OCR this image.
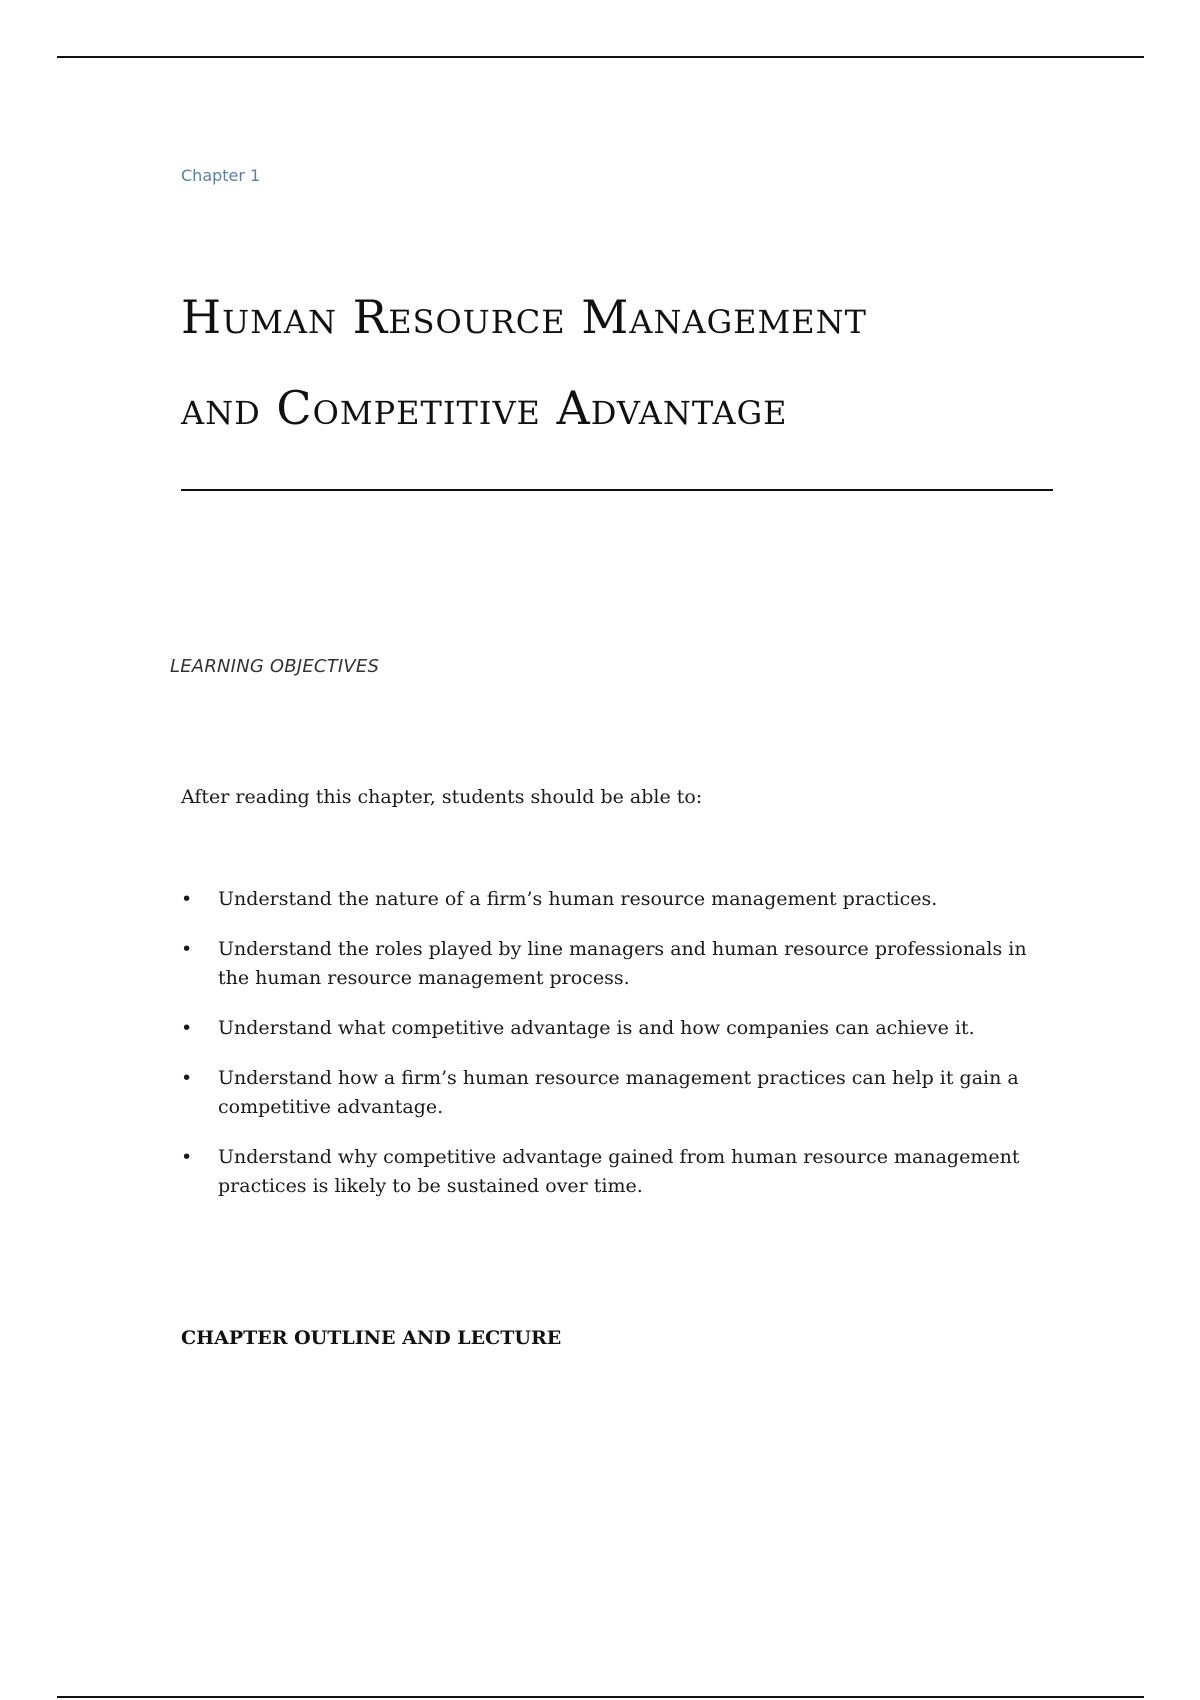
Chapter 1
Human Resource Management
and Competitive Advantage
LEARNING OBJECTIVES
After reading this chapter, students should be able to:
• Understand the nature of a firm’s human resource management practices.
• Understand the roles played by line managers and human resource professionals in the human resource management process.
• Understand what competitive advantage is and how companies can achieve it.
• Understand how a firm’s human resource management practices can help it gain a competitive advantage.
• Understand why competitive advantage gained from human resource management practices is likely to be sustained over time.
CHAPTER OUTLINE AND LECTURE
